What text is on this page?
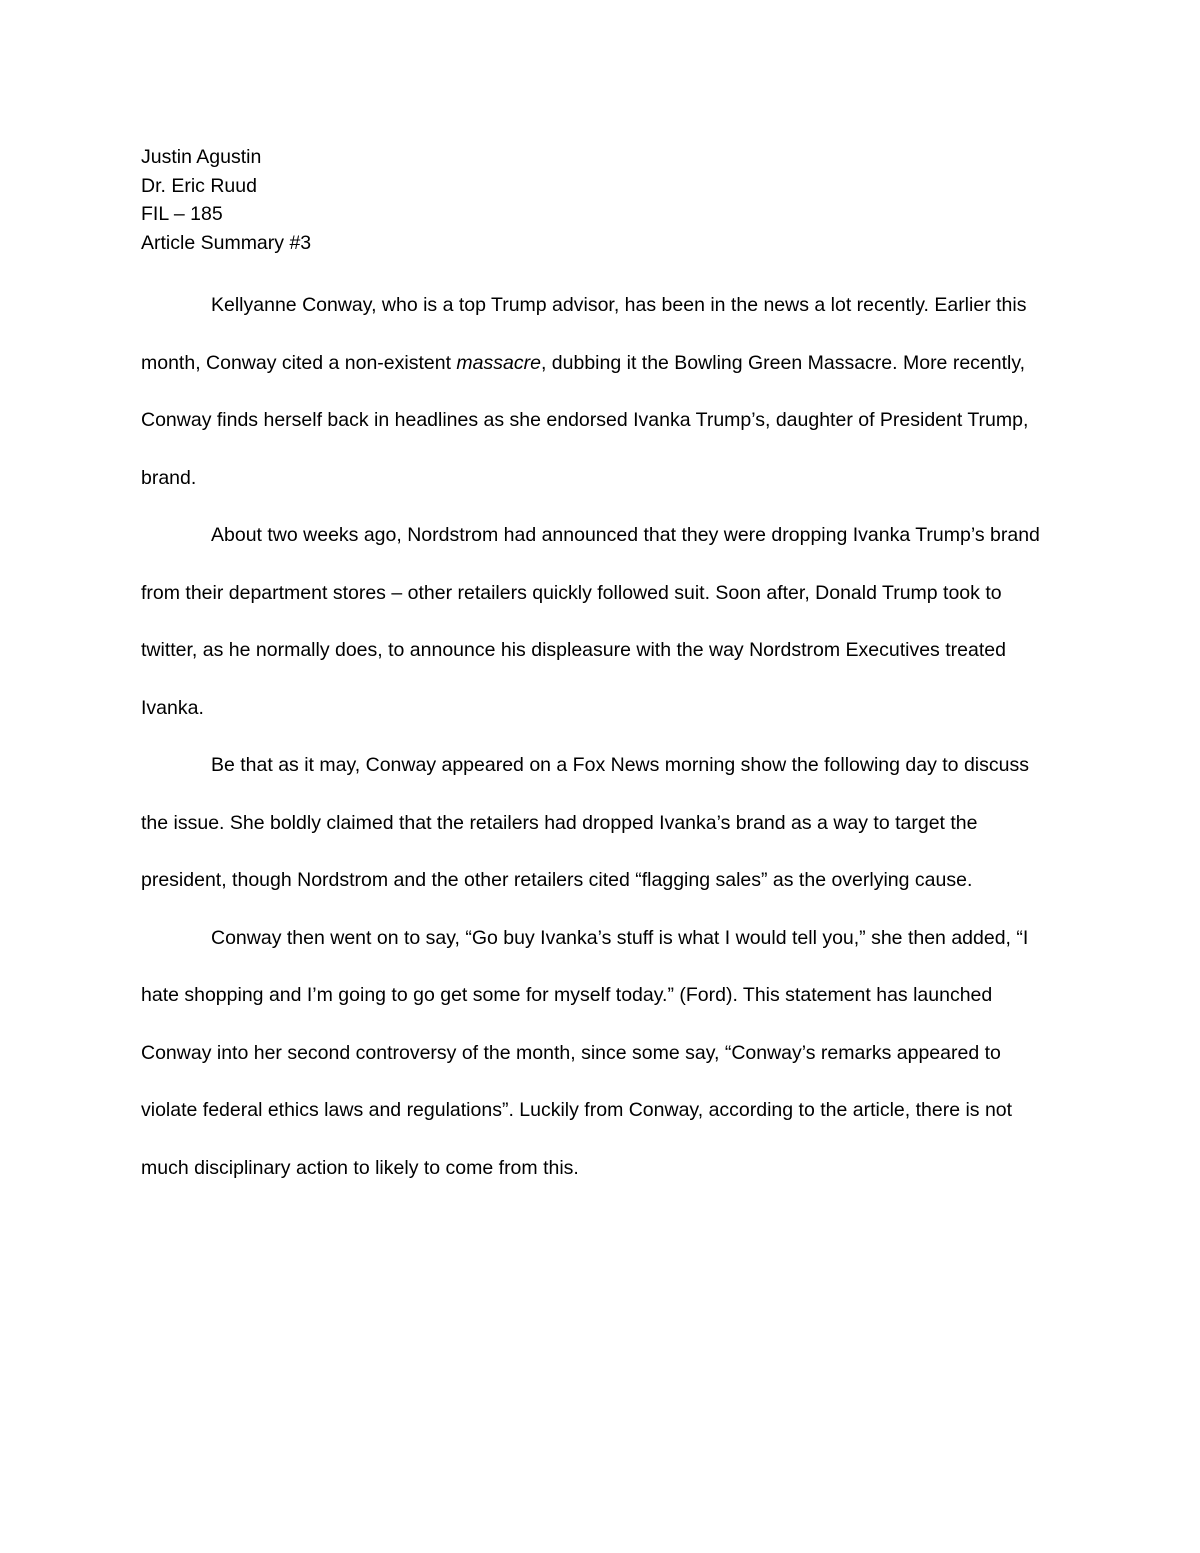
Justin Agustin

Dr. Eric Ruud

FIL – 185

Article Summary #3

Kellyanne Conway, who is a top Trump advisor, has been in the news a lot recently. Earlier this month, Conway cited a non-existent massacre, dubbing it the Bowling Green Massacre. More recently, Conway finds herself back in headlines as she endorsed Ivanka Trump’s, daughter of President Trump, brand.

About two weeks ago, Nordstrom had announced that they were dropping Ivanka Trump’s brand from their department stores – other retailers quickly followed suit. Soon after, Donald Trump took to twitter, as he normally does, to announce his displeasure with the way Nordstrom Executives treated Ivanka.

Be that as it may, Conway appeared on a Fox News morning show the following day to discuss the issue. She boldly claimed that the retailers had dropped Ivanka’s brand as a way to target the president, though Nordstrom and the other retailers cited “flagging sales” as the overlying cause.

Conway then went on to say, “Go buy Ivanka’s stuff is what I would tell you,” she then added, “I hate shopping and I’m going to go get some for myself today.” (Ford). This statement has launched Conway into her second controversy of the month, since some say, “Conway’s remarks appeared to violate federal ethics laws and regulations”. Luckily from Conway, according to the article, there is not much disciplinary action to likely to come from this.
